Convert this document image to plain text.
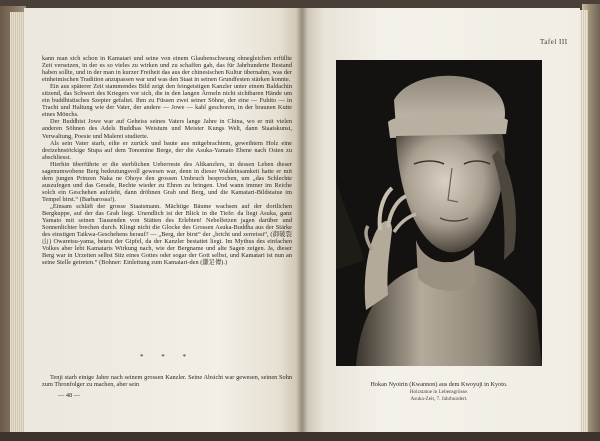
kann man sich schon in Kamatari und seine von einem Glaubenschwung ohnegleichen erfüllte Zeit versetzen, in der es so vieles zu wirken und zu schaffen gab, das für Jahrhunderte Bestand haben sollte, und in der man in kurzer Freiheit das aus der chinesischen Kultur übernahm, was der einheimischen Tradition anzupassen war und was den Staat in seinen Grundfesten stärken konnte.

Ein aus späterer Zeit stammendes Bild zeigt den feingeistigen Kanzler unter einem Baldachin sitzend, das Schwert des Kriegers vor sich, die in den langen Ärmeln nicht sichtbaren Hände um ein buddhistisches Szepter gefaltet. Ihm zu Füssen zwei seiner Söhne, der eine — Fuhito — in Tracht und Haltung wie der Vater, der andere — Jowe — kahl geschoren, in der braunen Kutte eines Mönchs.

Der Buddhist Jowe war auf Geheiss seines Vaters lange Jahre in China, wo er mit vielen anderen Söhnen des Adels Buddhas Weistum und Meister Kungs Welt, dann Staatskunst, Verwaltung, Poesie und Malerei studierte.

Als sein Vater starb, eilte er zurück und baute aus mitgebrachtem, geweihtem Holz eine dreizehnstöckige Stupa auf dem Tonomine Berge, der die Asuka-Yamato Ebene nach Osten zu abschliesst.

Hierhin überführte er die sterblichen Ueberreste des Altkanzlers, in dessen Leben dieser sagenumwobene Berg bedeutungsvoll gewesen war, denn in dieser Waldeinsamkeit hatte er mit dem jungen Prinzen Naka ne Ohoye den grossen Umbruch besprochen, um „das Schlechte auszufegen und das Gerade, Rechte wieder zu Ehren zu bringen. Und wann immer im Reiche solch ein Geschehen aufzieht, dann dröhnen Grab und Berg, und die Kamatari-Bildstatue im Tempel birst.“ (Barbarossa!).

„Einsam schläft der grosse Staatsmann. Mächtige Bäume wachsen auf der dortlichen Bergkuppe, auf der das Grab liegt. Unendlich ist der Blick in die Tiefe: da liegt Asuka, ganz Yamato mit seinen Tausenden von Stätten des Erlebten! Nebelfetzen jagen darüber und Sonnenlichter brechen durch. Klingt nicht die Glocke des Grossen Asuka-Buddha aus der Stärke des einstigen Taikwa-Geschehens herauf? — „Berg, der birst“ der „bricht und zerreisst“, (御破裂山) Owaretsu-yama, betest der Gipfel, da der Kanzler bestattet liegt. Im Mythus des einfachen Volkes aber lebt Kamataris Wirkung nach, wie der Bergname und alte Sagen zeigen. Ja, dieser Berg war in Urzeiten selbst Sitz eines Gottes oder sogar der Gott selbst, und Kamatari ist nun an seine Stelle getreten.“ (Bohner: Einleitung zum Kamatari-den (鎌足傳).)

* * *

Tenji starb einige Jahre nach seinem grossen Kanzler. Seine Absicht war gewesen, seinen Sohn zum Thronfolger zu machen, aber sein

— 48 —
Tafel III
Hokan Nyoirin (Kwannon) aus dem Kwoyuji in Kyoto.
Holzstatue in Lebensgrösse.
Asuka-Zeit, 7. Jahrhundert.
